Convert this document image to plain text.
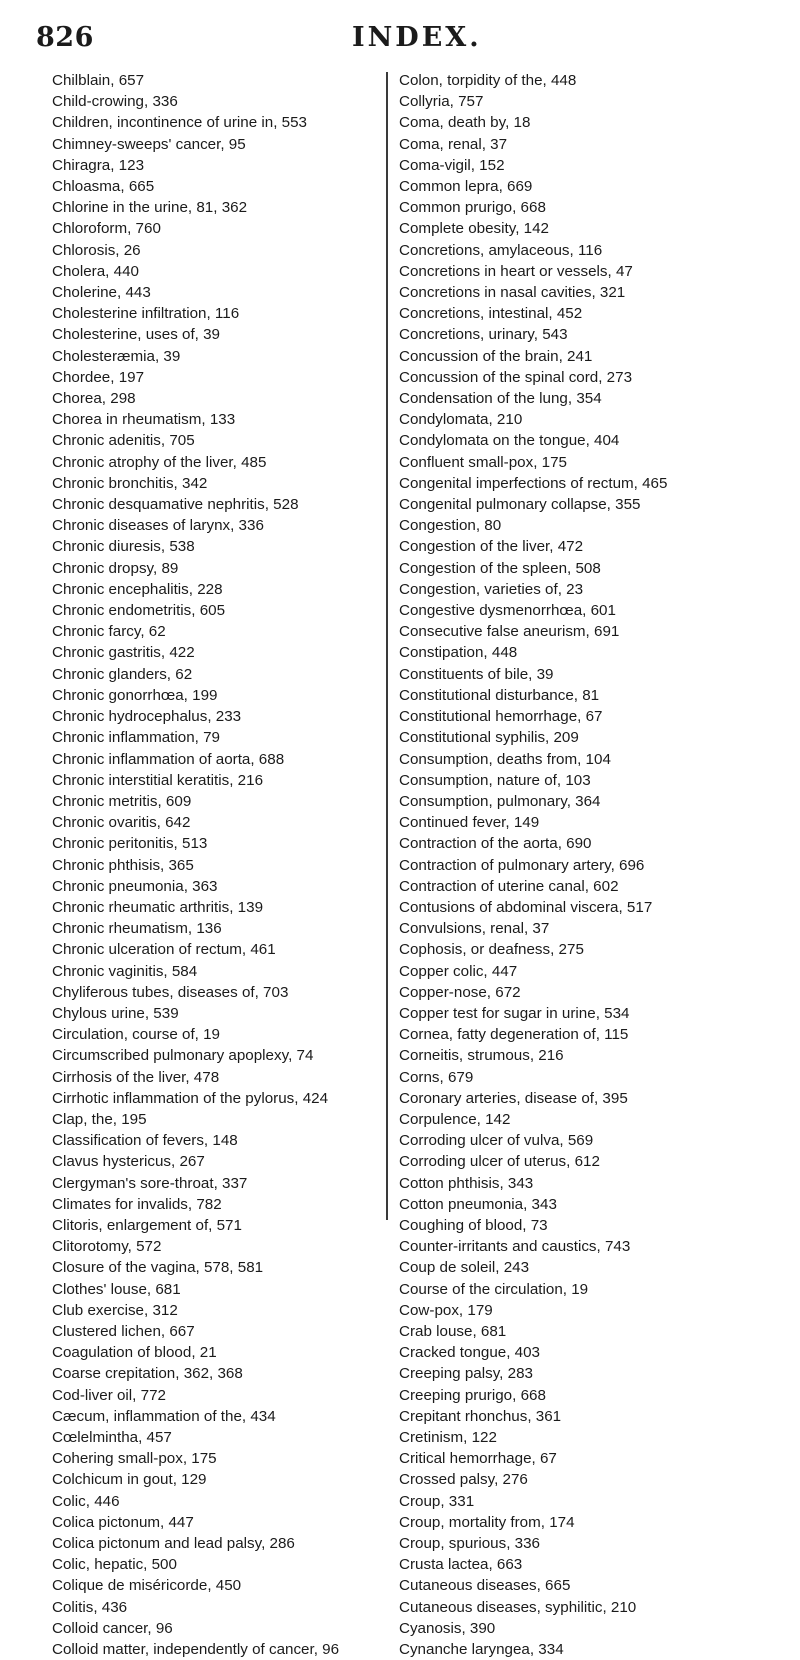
826	INDEX.
Chilblain, 657
Child-crowing, 336
Children, incontinence of urine in, 553
Chimney-sweeps' cancer, 95
Chiragra, 123
Chloasma, 665
Chlorine in the urine, 81, 362
Chloroform, 760
Chlorosis, 26
Cholera, 440
Cholerine, 443
Cholesterine infiltration, 116
Cholesterine, uses of, 39
Cholesteræmia, 39
Chordee, 197
Chorea, 298
Chorea in rheumatism, 133
Chronic adenitis, 705
Chronic atrophy of the liver, 485
Chronic bronchitis, 342
Chronic desquamative nephritis, 528
Chronic diseases of larynx, 336
Chronic diuresis, 538
Chronic dropsy, 89
Chronic encephalitis, 228
Chronic endometritis, 605
Chronic farcy, 62
Chronic gastritis, 422
Chronic glanders, 62
Chronic gonorrhœa, 199
Chronic hydrocephalus, 233
Chronic inflammation, 79
Chronic inflammation of aorta, 688
Chronic interstitial keratitis, 216
Chronic metritis, 609
Chronic ovaritis, 642
Chronic peritonitis, 513
Chronic phthisis, 365
Chronic pneumonia, 363
Chronic rheumatic arthritis, 139
Chronic rheumatism, 136
Chronic ulceration of rectum, 461
Chronic vaginitis, 584
Chyliferous tubes, diseases of, 703
Chylous urine, 539
Circulation, course of, 19
Circumscribed pulmonary apoplexy, 74
Cirrhosis of the liver, 478
Cirrhotic inflammation of the pylorus, 424
Clap, the, 195
Classification of fevers, 148
Clavus hystericus, 267
Clergyman's sore-throat, 337
Climates for invalids, 782
Clitoris, enlargement of, 571
Clitorotomy, 572
Closure of the vagina, 578, 581
Clothes' louse, 681
Club exercise, 312
Clustered lichen, 667
Coagulation of blood, 21
Coarse crepitation, 362, 368
Cod-liver oil, 772
Cæcum, inflammation of the, 434
Cœlelmintha, 457
Cohering small-pox, 175
Colchicum in gout, 129
Colic, 446
Colica pictonum, 447
Colica pictonum and lead palsy, 286
Colic, hepatic, 500
Colique de miséricorde, 450
Colitis, 436
Colloid cancer, 96
Colloid matter, independently of cancer, 96
Colon, torpidity of the, 448
Collyria, 757
Coma, death by, 18
Coma, renal, 37
Coma-vigil, 152
Common lepra, 669
Common prurigo, 668
Complete obesity, 142
Concretions, amylaceous, 116
Concretions in heart or vessels, 47
Concretions in nasal cavities, 321
Concretions, intestinal, 452
Concretions, urinary, 543
Concussion of the brain, 241
Concussion of the spinal cord, 273
Condensation of the lung, 354
Condylomata, 210
Condylomata on the tongue, 404
Confluent small-pox, 175
Congenital imperfections of rectum, 465
Congenital pulmonary collapse, 355
Congestion, 80
Congestion of the liver, 472
Congestion of the spleen, 508
Congestion, varieties of, 23
Congestive dysmenorrhœa, 601
Consecutive false aneurism, 691
Constipation, 448
Constituents of bile, 39
Constitutional disturbance, 81
Constitutional hemorrhage, 67
Constitutional syphilis, 209
Consumption, deaths from, 104
Consumption, nature of, 103
Consumption, pulmonary, 364
Continued fever, 149
Contraction of the aorta, 690
Contraction of pulmonary artery, 696
Contraction of uterine canal, 602
Contusions of abdominal viscera, 517
Convulsions, renal, 37
Cophosis, or deafness, 275
Copper colic, 447
Copper-nose, 672
Copper test for sugar in urine, 534
Cornea, fatty degeneration of, 115
Corneitis, strumous, 216
Corns, 679
Coronary arteries, disease of, 395
Corpulence, 142
Corroding ulcer of vulva, 569
Corroding ulcer of uterus, 612
Cotton phthisis, 343
Cotton pneumonia, 343
Coughing of blood, 73
Counter-irritants and caustics, 743
Coup de soleil, 243
Course of the circulation, 19
Cow-pox, 179
Crab louse, 681
Cracked tongue, 403
Creeping palsy, 283
Creeping prurigo, 668
Crepitant rhonchus, 361
Cretinism, 122
Critical hemorrhage, 67
Crossed palsy, 276
Croup, 331
Croup, mortality from, 174
Croup, spurious, 336
Crusta lactea, 663
Cutaneous diseases, 665
Cutaneous diseases, syphilitic, 210
Cyanosis, 390
Cynanche laryngea, 334
